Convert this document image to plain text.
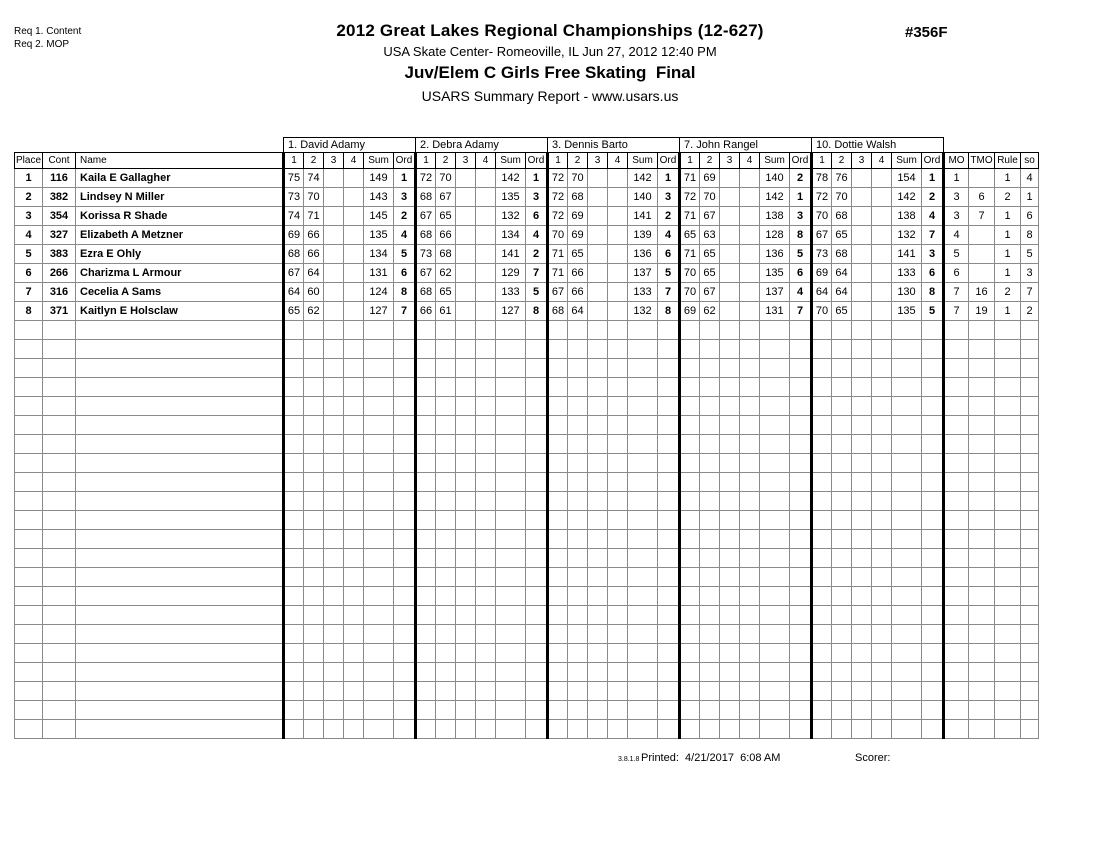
Req 1. Content
Req 2. MOP
2012 Great Lakes Regional Championships (12-627)
USA Skate Center- Romeoville, IL Jun 27, 2012 12:40 PM
Juv/Elem C Girls Free Skating  Final
USARS Summary Report - www.usars.us
#356F
			1. David Adamy						2. Debra Adamy						3. Dennis Barto						7. John Rangel						10. Dottie Walsh									
Place	Cont	Name	1	2	3	4	Sum	Ord	1	2	3	4	Sum	Ord	1	2	3	4	Sum	Ord	1	2	3	4	Sum	Ord	1	2	3	4	Sum	Ord	MO	TMO	Rule	so
1	116	Kaila E Gallagher	75	74			149	1	72	70			142	1	72	70			142	1	71	69			140	2	78	76			154	1	1		1	4
2	382	Lindsey N Miller	73	70			143	3	68	67			135	3	72	68			140	3	72	70			142	1	72	70			142	2	3	6	2	1
3	354	Korissa R Shade	74	71			145	2	67	65			132	6	72	69			141	2	71	67			138	3	70	68			138	4	3	7	1	6
4	327	Elizabeth A Metzner	69	66			135	4	68	66			134	4	70	69			139	4	65	63			128	8	67	65			132	7	4		1	8
5	383	Ezra E Ohly	68	66			134	5	73	68			141	2	71	65			136	6	71	65			136	5	73	68			141	3	5		1	5
6	266	Charizma L Armour	67	64			131	6	67	62			129	7	71	66			137	5	70	65			135	6	69	64			133	6	6		1	3
7	316	Cecelia A Sams	64	60			124	8	68	65			133	5	67	66			133	7	70	67			137	4	64	64			130	8	7	16	2	7
8	371	Kaitlyn E Holsclaw	65	62			127	7	66	61			127	8	68	64			132	8	69	62			131	7	70	65			135	5	7	19	1	2

3.8.1.8 Printed:  4/21/2017  6:08 AM	Scorer:
